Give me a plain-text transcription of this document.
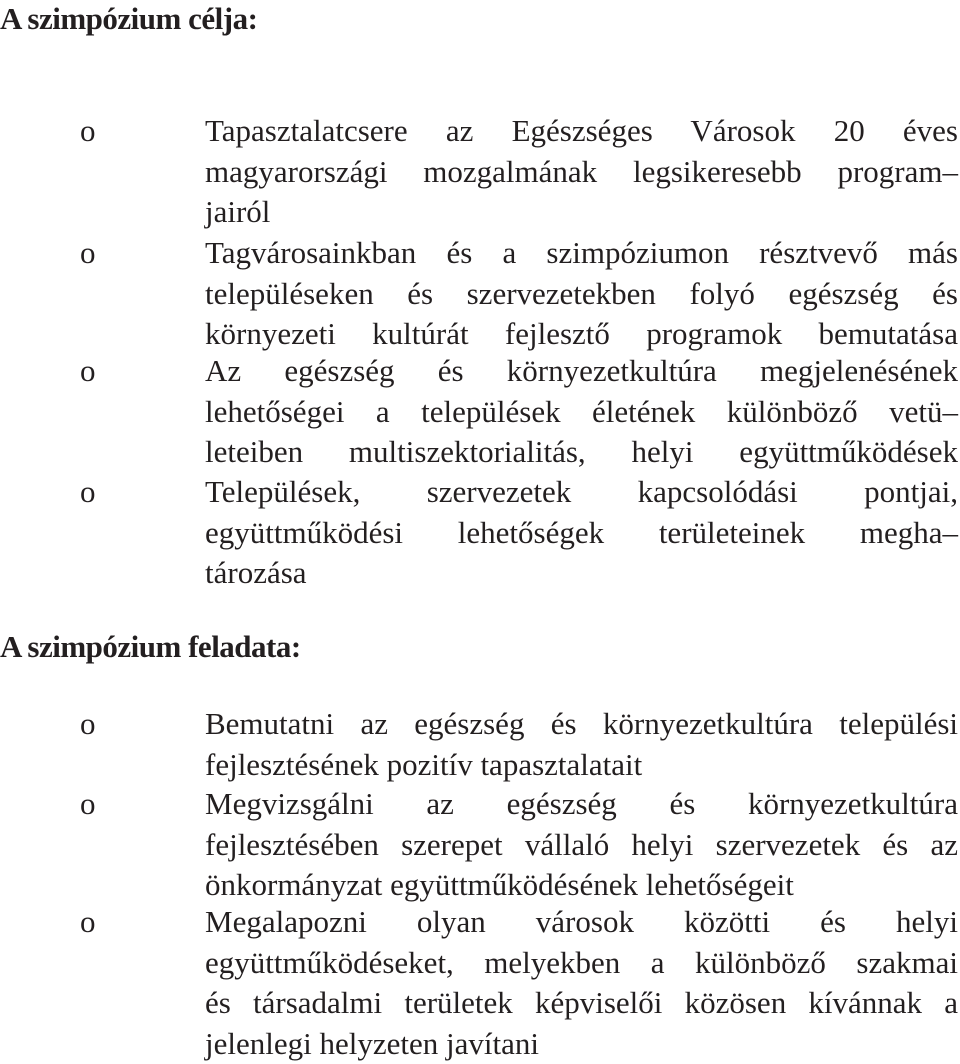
A szimpózium célja:
o	Tapasztalatcsere az Egészséges Városok 20 éves
magyarországi mozgalmának legsikeresebb program–
jairól
o	Tagvárosainkban és a szimpóziumon résztvevő más
településeken és szervezetekben folyó egészség és
környezeti kultúrát fejlesztő programok bemutatása
o	Az egészség és környezetkultúra megjelenésének
lehetőségei a települések életének különböző vetü–
leteiben multiszektorialitás, helyi együttműködések
o	Települések, szervezetek kapcsolódási pontjai,
együttműködési lehetőségek területeinek megha–
tározása
A szimpózium feladata:
o	Bemutatni az egészség és környezetkultúra települési
fejlesztésének pozitív tapasztalatait
o	Megvizsgálni az egészség és környezetkultúra
fejlesztésében szerepet vállaló helyi szervezetek és az
önkormányzat együttműködésének lehetőségeit
o	Megalapozni olyan városok közötti és helyi
együttműködéseket, melyekben a különböző szakmai
és társadalmi területek képviselői közösen kívánnak a
jelenlegi helyzeten javítani
